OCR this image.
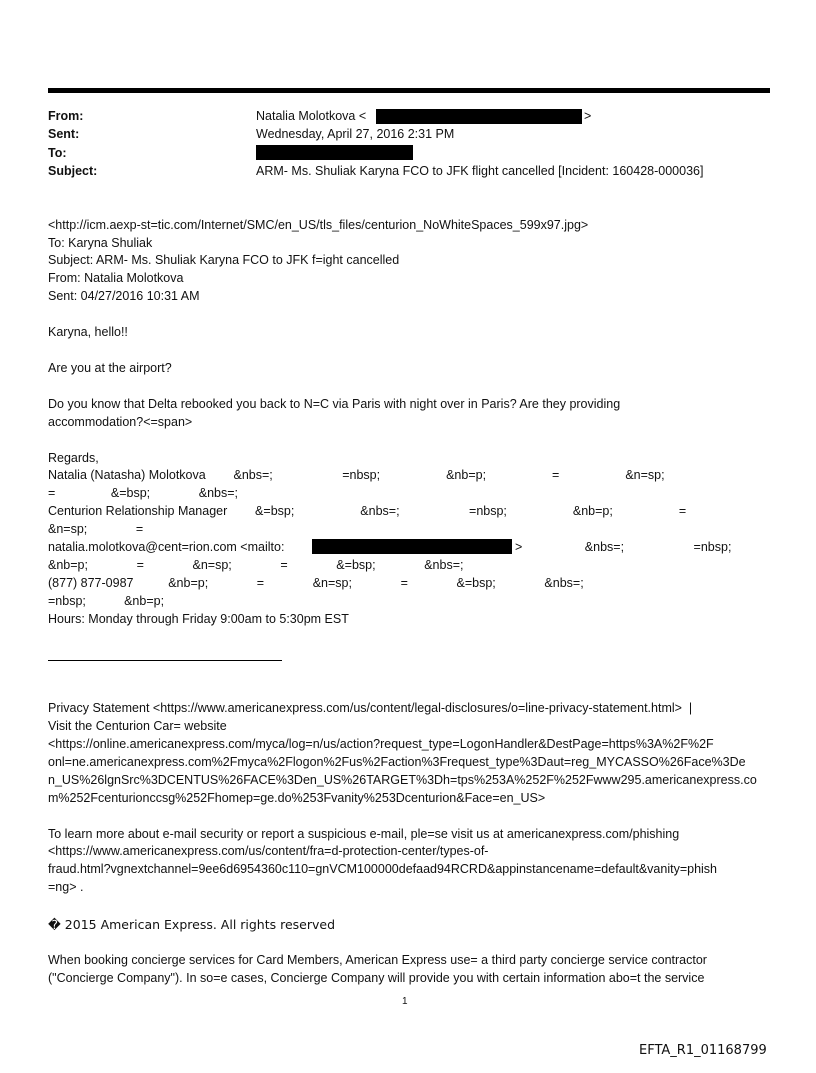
From:	Natalia Molotkova <	>
Sent:	Wednesday, April 27, 2016 2:31 PM
To:
Subject:	ARM- Ms. Shuliak Karyna FCO to JFK flight cancelled [Incident: 160428-000036]
<http://icm.aexp-st=tic.com/Internet/SMC/en_US/tls_files/centurion_NoWhiteSpaces_599x97.jpg>
To: Karyna Shuliak
Subject: ARM- Ms. Shuliak Karyna FCO to JFK f=ight cancelled
From: Natalia Molotkova
Sent: 04/27/2016 10:31 AM
Karyna, hello!!
Are you at the airport?
Do you know that Delta rebooked you back to N=C via Paris with night over in Paris? Are they providing
accommodation?<=span>
Regards,
Natalia (Natasha) Molotkova        &nbs=;                    =nbsp;                   &nb=p;                   =                   &n=sp;
=                &=bsp;              &nbs=;
Centurion Relationship Manager        &=bsp;                   &nbs=;                    =nbsp;                   &nb=p;                   =
&n=sp;              =
natalia.molotkova@cent=rion.com <mailto:	>                  &nbs=;                    =nbsp;
&nb=p;              =              &n=sp;              =              &=bsp;              &nbs=;
(877) 877-0987          &nb=p;              =              &n=sp;              =              &=bsp;              &nbs=;
=nbsp;           &nb=p;
Hours: Monday through Friday 9:00am to 5:30pm EST
Privacy Statement <https://www.americanexpress.com/us/content/legal-disclosures/o=line-privacy-statement.html>  |
Visit the Centurion Car= website
<https://online.americanexpress.com/myca/log=n/us/action?request_type=LogonHandler&DestPage=https%3A%2F%2F
onl=ne.americanexpress.com%2Fmyca%2Flogon%2Fus%2Faction%3Frequest_type%3Daut=reg_MYCASSO%26Face%3De
n_US%26lgnSrc%3DCENTUS%26FACE%3Den_US%26TARGET%3Dh=tps%253A%252F%252Fwww295.americanexpress.co
m%252Fcenturionccsg%252Fhomep=ge.do%253Fvanity%253Dcenturion&Face=en_US>
To learn more about e-mail security or report a suspicious e-mail, ple=se visit us at americanexpress.com/phishing
<https://www.americanexpress.com/us/content/fra=d-protection-center/types-of-
fraud.html?vgnextchannel=9ee6d6954360c110=gnVCM100000defaad94RCRD&appinstancename=default&vanity=phish
=ng> .
� 2015 American Express. All rights reserved
When booking concierge services for Card Members, American Express use= a third party concierge service contractor
("Concierge Company"). In so=e cases, Concierge Company will provide you with certain information abo=t the service
1
EFTA_R1_01168799
